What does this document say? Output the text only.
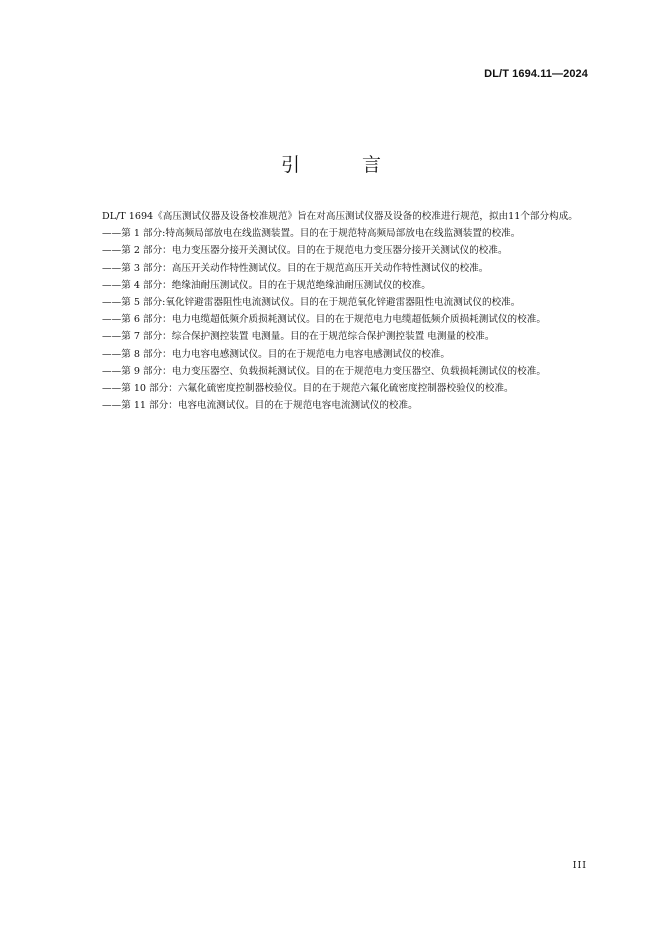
DL/T 1694.11—2024
引 言

DL/T 1694《高压测试仪器及设备校准规范》旨在对高压测试仪器及设备的校准进行规范，拟由11个部分构成。

——第 1 部分:特高频局部放电在线监测装置。目的在于规范特高频局部放电在线监测装置的校准。

——第 2 部分：电力变压器分接开关测试仪。目的在于规范电力变压器分接开关测试仪的校准。

——第 3 部分：高压开关动作特性测试仪。目的在于规范高压开关动作特性测试仪的校准。

——第 4 部分：绝缘油耐压测试仪。目的在于规范绝缘油耐压测试仪的校准。

——第 5 部分:氧化锌避雷器阻性电流测试仪。目的在于规范氧化锌避雷器阻性电流测试仪的校准。

——第 6 部分：电力电缆超低频介质损耗测试仪。目的在于规范电力电缆超低频介质损耗测试仪的校准。

——第 7 部分：综合保护测控装置 电测量。目的在于规范综合保护测控装置 电测量的校准。

——第 8 部分：电力电容电感测试仪。目的在于规范电力电容电感测试仪的校准。

——第 9 部分：电力变压器空、负载损耗测试仪。目的在于规范电力变压器空、负载损耗测试仪的校准。

——第 10 部分：六氟化硫密度控制器校验仪。目的在于规范六氟化硫密度控制器校验仪的校准。

——第 11 部分：电容电流测试仪。目的在于规范电容电流测试仪的校准。

III
